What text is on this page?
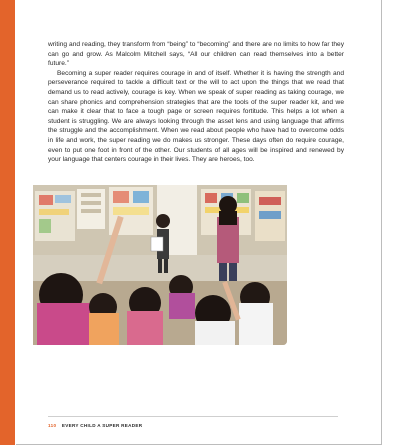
writing and reading, they transform from “being” to “becoming” and there are no limits to how far they can go and grow. As Malcolm Mitchell says, “All our children can read themselves into a better future.”

Becoming a super reader requires courage in and of itself. Whether it is having the strength and perseverance required to tackle a difficult text or the will to act upon the things that we read that demand us to read actively, courage is key. When we speak of super reading as taking courage, we can share phonics and comprehension strategies that are the tools of the super reader kit, and we can make it clear that to face a tough page or screen requires fortitude. This helps a lot when a student is struggling. We are always looking through the asset lens and using language that affirms the struggle and the accomplishment. When we read about people who have had to overcome odds in life and work, the super reading we do makes us stronger. These days often do require courage, even to put one foot in front of the other. Our students of all ages will be inspired and renewed by your language that centers courage in their lives. They are heroes, too.

110 EVERY CHILD A SUPER READER
